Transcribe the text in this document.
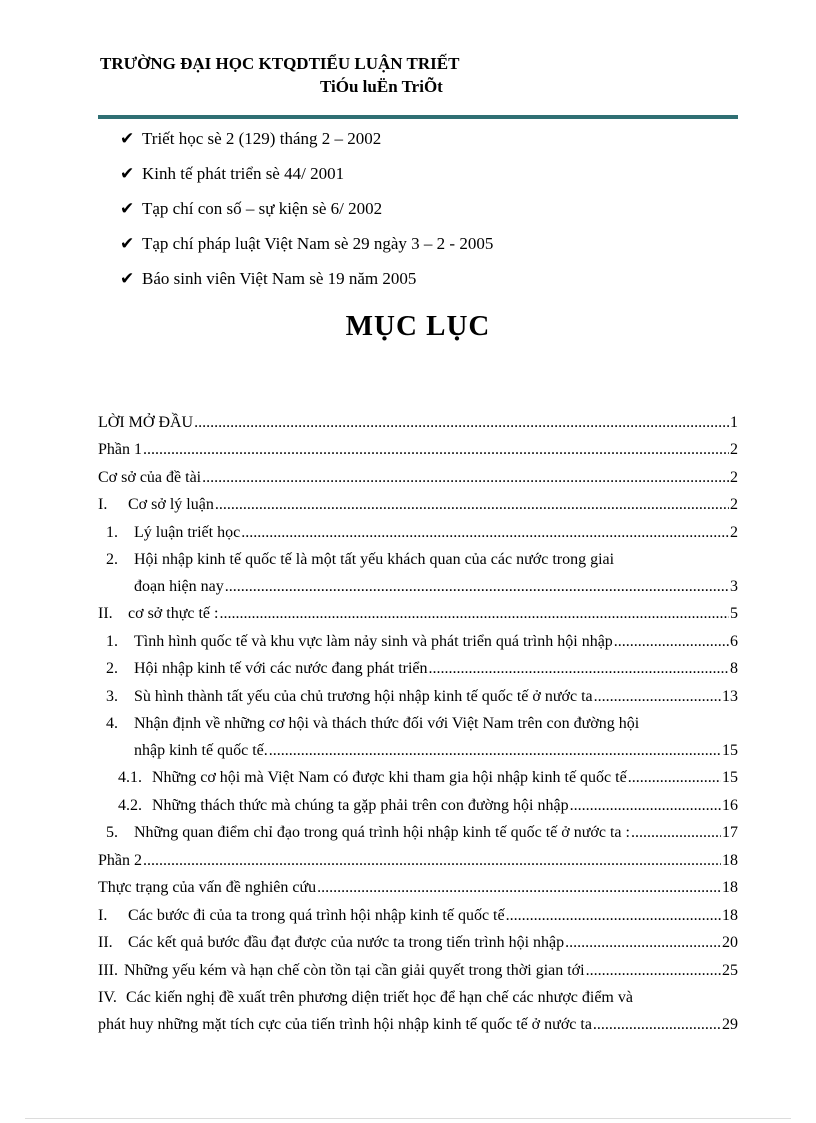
TRƯỜNG ĐẠI HỌC KTQDTIỂU LUẬN TRIẾT
TiÓu luËn TriÕt
✔ Triết học sè 2 (129) tháng 2 – 2002
✔ Kinh tế phát triển sè 44/ 2001
✔ Tạp chí con số – sự kiện sè 6/ 2002
✔ Tạp chí pháp luật Việt Nam sè 29 ngày 3 – 2 - 2005
✔ Báo sinh viên Việt Nam sè 19 năm 2005
MỤC LỤC
LỜI MỞ ĐẦU .....	1
Phần 1 .....	2
Cơ sở của đề tài .....	2
I.	Cơ sở lý luận .....	2
1.	Lý luận triết học .....	2
2.	Hội nhập kinh tế quốc tế là một tất yếu khách quan của các nước trong giai
đoạn hiện nay .....	3
II. cơ sở thực tế : .....	5
1.	Tình hình quốc tế và khu vực làm nảy sinh và phát triển quá trình hội nhập .....	6
2.	Hội nhập kinh tế với các nước đang phát triển .....	8
3.	Sù hình thành tất yếu của chủ trương hội nhập kinh tế quốc tế ở nước ta .....	13
4.	Nhận định về những cơ hội và thách thức đối với Việt Nam trên con đường hội
nhập kinh tế quốc tế. .....	15
4.1. Những cơ hội mà Việt Nam có được khi tham gia hội nhập kinh tế quốc tế .....	15
4.2. Những thách thức mà chúng ta gặp phải trên con đường hội nhập .....	16
5.	Những quan điểm chỉ đạo trong quá trình hội nhập kinh tế quốc tế ở nước ta : .....	17
Phần 2 .....	18
Thực trạng của vấn đề nghiên cứu .....	18
I.	Các bước đi của ta trong quá trình hội nhập kinh tế quốc tế .....	18
II. Các kết quả bước đầu đạt được của nước ta trong tiến trình hội nhập .....	20
III. Những yếu kém và hạn chế còn tồn tại cần giải quyết trong thời gian tới .....	25
IV. Các kiến nghị đề xuất trên phương diện triết học để hạn chế các nhược điểm và
phát huy những mặt tích cực của tiến trình hội nhập kinh tế quốc tế ở nước ta .....	29
